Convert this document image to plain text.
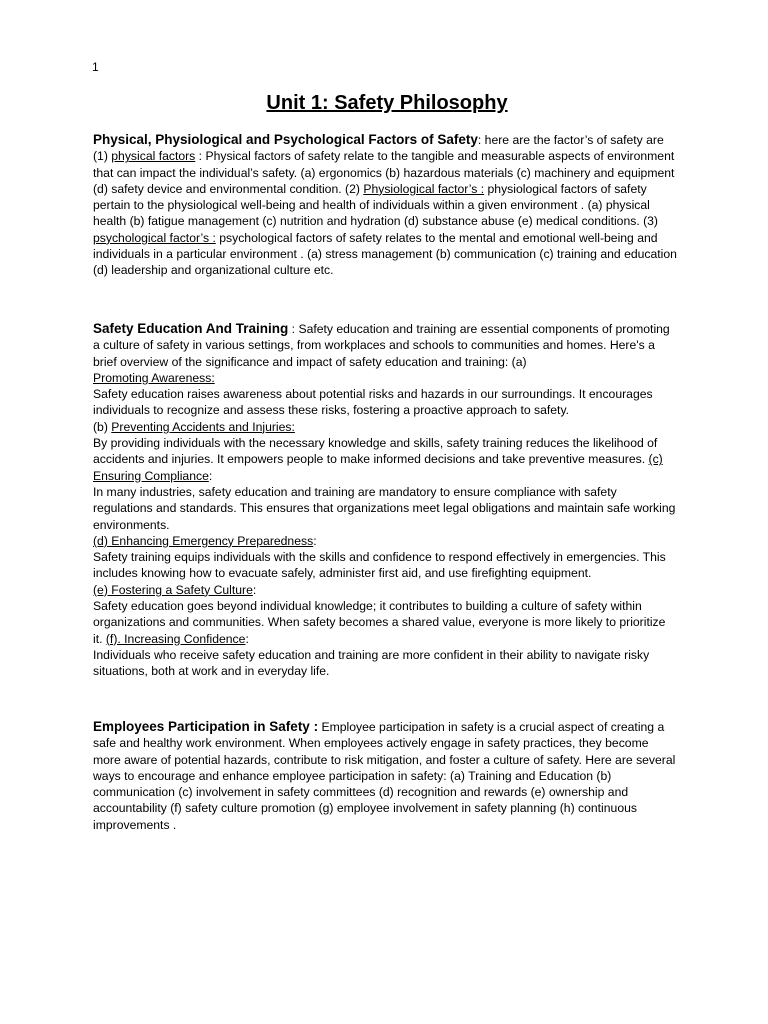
1
Unit 1: Safety Philosophy

Physical, Physiological and Psychological Factors of Safety: here are the factor’s of safety are (1) physical factors : Physical factors of safety relate to the tangible and measurable aspects of environment that can impact the individual’s safety. (a) ergonomics (b) hazardous materials (c) machinery and equipment (d) safety device and environmental condition. (2) Physiological factor’s : physiological factors of safety pertain to the physiological well-being and health of individuals within a given environment . (a) physical health (b) fatigue management (c) nutrition and hydration (d) substance abuse (e) medical conditions. (3) psychological factor’s : psychological factors of safety relates to the mental and emotional well-being and individuals in a particular environment . (a) stress management (b) communication (c) training and education (d) leadership and organizational culture etc.

Safety Education And Training : Safety education and training are essential components of promoting a culture of safety in various settings, from workplaces and schools to communities and homes. Here's a brief overview of the significance and impact of safety education and training: (a)

Promoting Awareness:

Safety education raises awareness about potential risks and hazards in our surroundings. It encourages individuals to recognize and assess these risks, fostering a proactive approach to safety.

(b) Preventing Accidents and Injuries:

By providing individuals with the necessary knowledge and skills, safety training reduces the likelihood of accidents and injuries. It empowers people to make informed decisions and take preventive measures. (c) Ensuring Compliance:

In many industries, safety education and training are mandatory to ensure compliance with safety regulations and standards. This ensures that organizations meet legal obligations and maintain safe working environments.

(d) Enhancing Emergency Preparedness:

Safety training equips individuals with the skills and confidence to respond effectively in emergencies. This includes knowing how to evacuate safely, administer first aid, and use firefighting equipment.

(e) Fostering a Safety Culture:

Safety education goes beyond individual knowledge; it contributes to building a culture of safety within organizations and communities. When safety becomes a shared value, everyone is more likely to prioritize it. (f). Increasing Confidence:

Individuals who receive safety education and training are more confident in their ability to navigate risky situations, both at work and in everyday life.

Employees Participation in Safety : Employee participation in safety is a crucial aspect of creating a safe and healthy work environment. When employees actively engage in safety practices, they become more aware of potential hazards, contribute to risk mitigation, and foster a culture of safety. Here are several ways to encourage and enhance employee participation in safety: (a) Training and Education (b) communication (c) involvement in safety committees (d) recognition and rewards (e) ownership and accountability (f) safety culture promotion (g) employee involvement in safety planning (h) continuous improvements .
